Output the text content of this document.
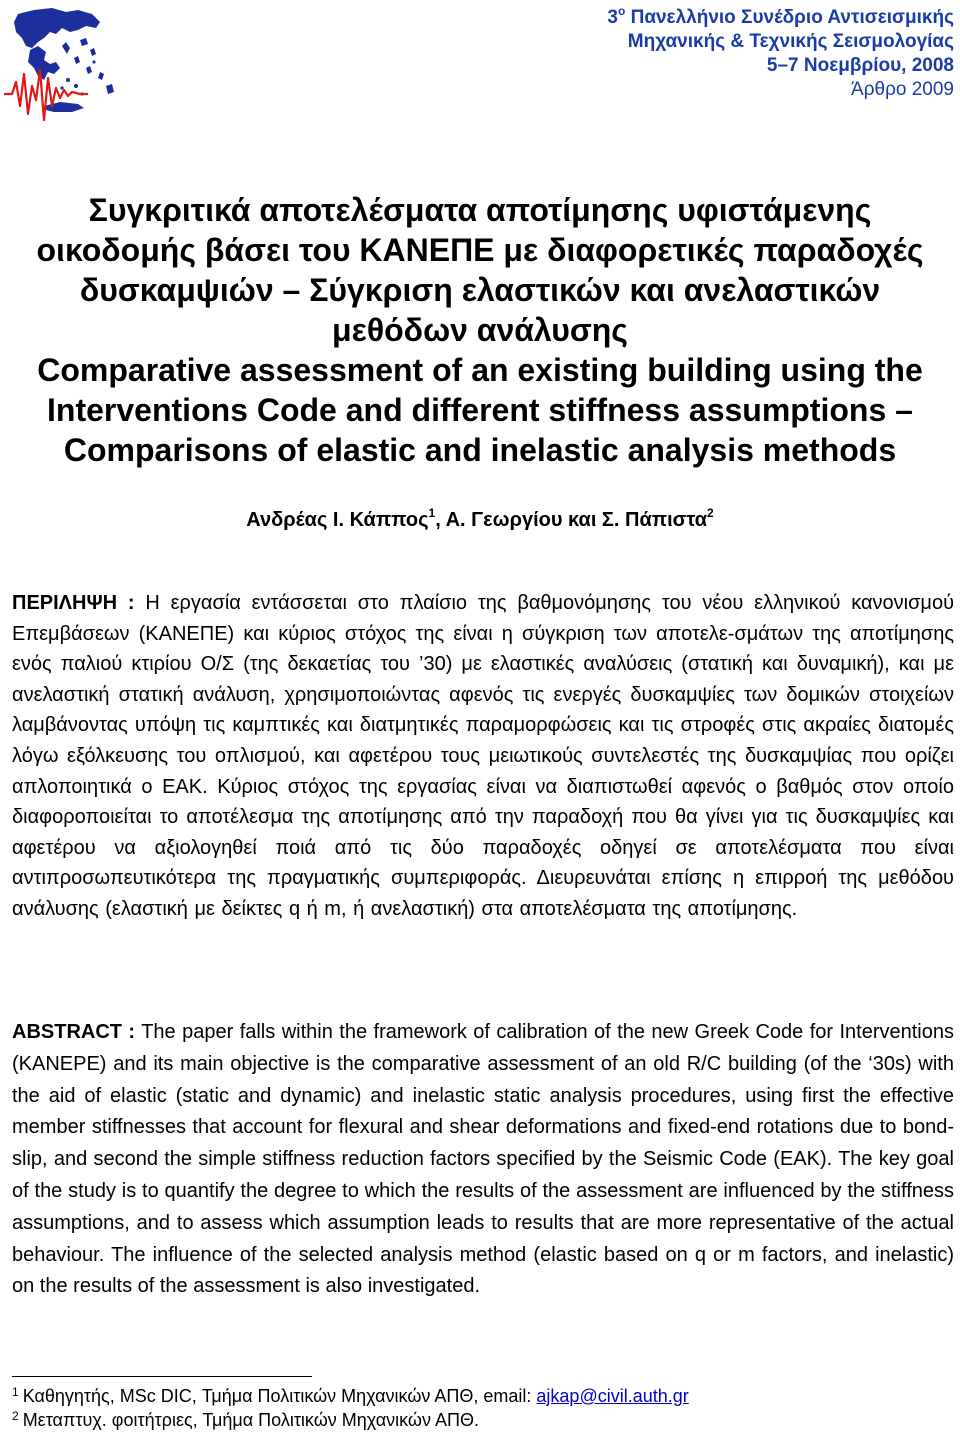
$3^o$ Πανελλήνιο Συνέδριο Αντισεισμικής
Μηχανικής & Τεχνικής Σεισμολογίας
5–7 Νοεμβρίου, 2008
Άρθρο 2009
Συγκριτικά αποτελέσματα αποτίμησης υφιστάμενης
οικοδομής βάσει του ΚΑΝΕΠΕ με διαφορετικές παραδοχές
δυσκαμψιών – Σύγκριση ελαστικών και ανελαστικών
μεθόδων ανάλυσης
Comparative assessment of an existing building using the
Interventions Code and different stiffness assumptions –
Comparisons of elastic and inelastic analysis methods
Ανδρέας Ι. Κάππος$^1$, Α. Γεωργίου και Σ. Πάπιστα$^2$
ΠΕΡΙΛΗΨΗ : Η εργασία εντάσσεται στο πλαίσιο της βαθμονόμησης του νέου ελληνικού κανονισμού Επεμβάσεων (ΚΑΝΕΠΕ) και κύριος στόχος της είναι η σύγκριση των αποτελε-σμάτων της αποτίμησης ενός παλιού κτιρίου Ο/Σ (της δεκαετίας του ’30) με ελαστικές αναλύσεις (στατική και δυναμική), και με ανελαστική στατική ανάλυση, χρησιμοποιώντας αφενός τις ενεργές δυσκαμψίες των δομικών στοιχείων λαμβάνοντας υπόψη τις καμπτικές και διατμητικές παραμορφώσεις και τις στροφές στις ακραίες διατομές λόγω εξόλκευσης του οπλισμού, και αφετέρου τους μειωτικούς συντελεστές της δυσκαμψίας που ορίζει απλοποιητικά ο ΕΑΚ. Κύριος στόχος της εργασίας είναι να διαπιστωθεί αφενός ο βαθμός στον οποίο διαφοροποιείται το αποτέλεσμα της αποτίμησης από την παραδοχή που θα γίνει για τις δυσκαμψίες και αφετέρου να αξιολογηθεί ποιά από τις δύο παραδοχές οδηγεί σε αποτελέσματα που είναι αντιπροσωπευτικότερα της πραγματικής συμπεριφοράς. Διευρευνάται επίσης η επιρροή της μεθόδου ανάλυσης (ελαστική με δείκτες q ή m, ή ανελαστική) στα αποτελέσματα της αποτίμησης.
ABSTRACT : The paper falls within the framework of calibration of the new Greek Code for Interventions (KANEPE) and its main objective is the comparative assessment of an old R/C building (of the ‘30s) with the aid of elastic (static and dynamic) and inelastic static analysis procedures, using first the effective member stiffnesses that account for flexural and shear deformations and fixed-end rotations due to bond-slip, and second the simple stiffness reduction factors specified by the Seismic Code (EAK). The key goal of the study is to quantify the degree to which the results of the assessment are influenced by the stiffness assumptions, and to assess which assumption leads to results that are more representative of the actual behaviour. The influence of the selected analysis method (elastic based on q or m factors, and inelastic) on the results of the assessment is also investigated.
$^1$ Καθηγητής, MSc DIC, Τμήμα Πολιτικών Μηχανικών ΑΠΘ, email: ajkap@civil.auth.gr
$^2$ Μεταπτυχ. φοιτήτριες, Τμήμα Πολιτικών Μηχανικών ΑΠΘ.
